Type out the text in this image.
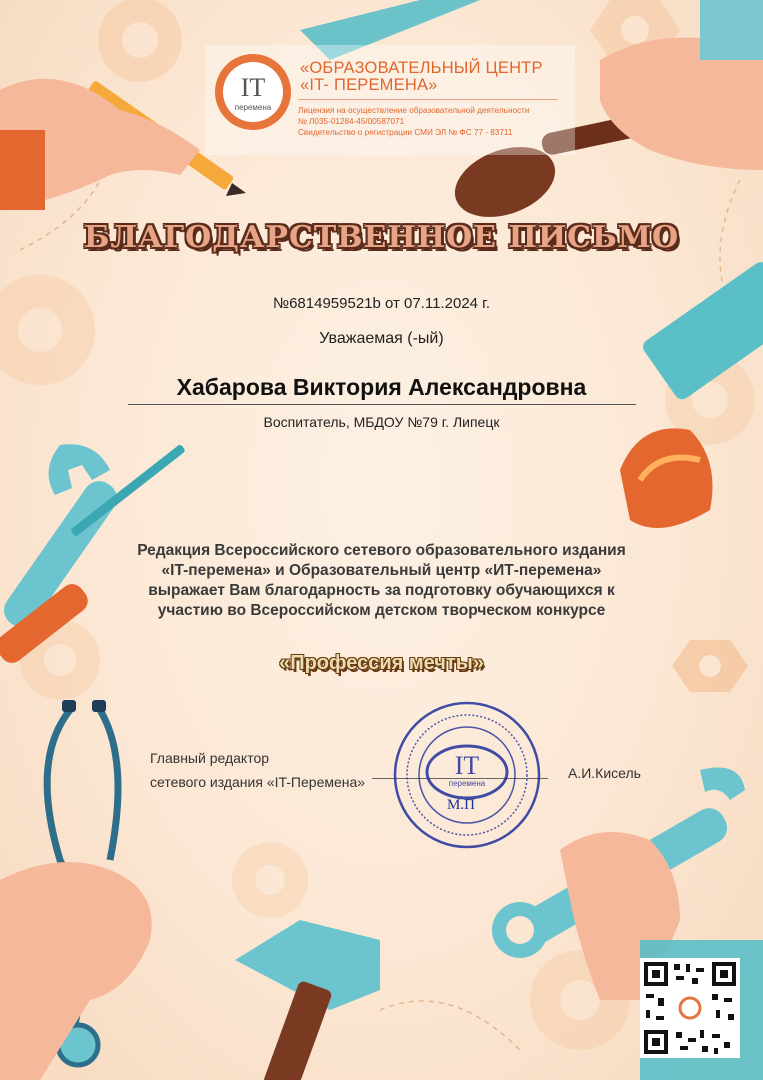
IT
перемена
«ОБРАЗОВАТЕЛЬНЫЙ ЦЕНТР
«IT- ПЕРЕМЕНА»
Лицензия на осуществление образовательной деятельности
№ Л035-01284-45/00587071
Свидетельство о регистрации СМИ ЭЛ № ФС 77 - 83711
БЛАГОДАРСТВЕННОЕ ПИСЬМО
№6814959521b от 07.11.2024 г.
Уважаемая (-ый)
Хабарова Виктория Александровна
Воспитатель, МБДОУ №79 г. Липецк
Редакция Всероссийского сетевого образовательного издания
«IT-перемена» и Образовательный центр «ИТ-перемена»
выражает Вам благодарность за подготовку обучающихся к
участию во Всероссийском детском творческом конкурсе
«Профессия мечты»
Главный редактор
сетевого издания «IT-Перемена»
А.И.Кисель
IT
перемена
М.П
